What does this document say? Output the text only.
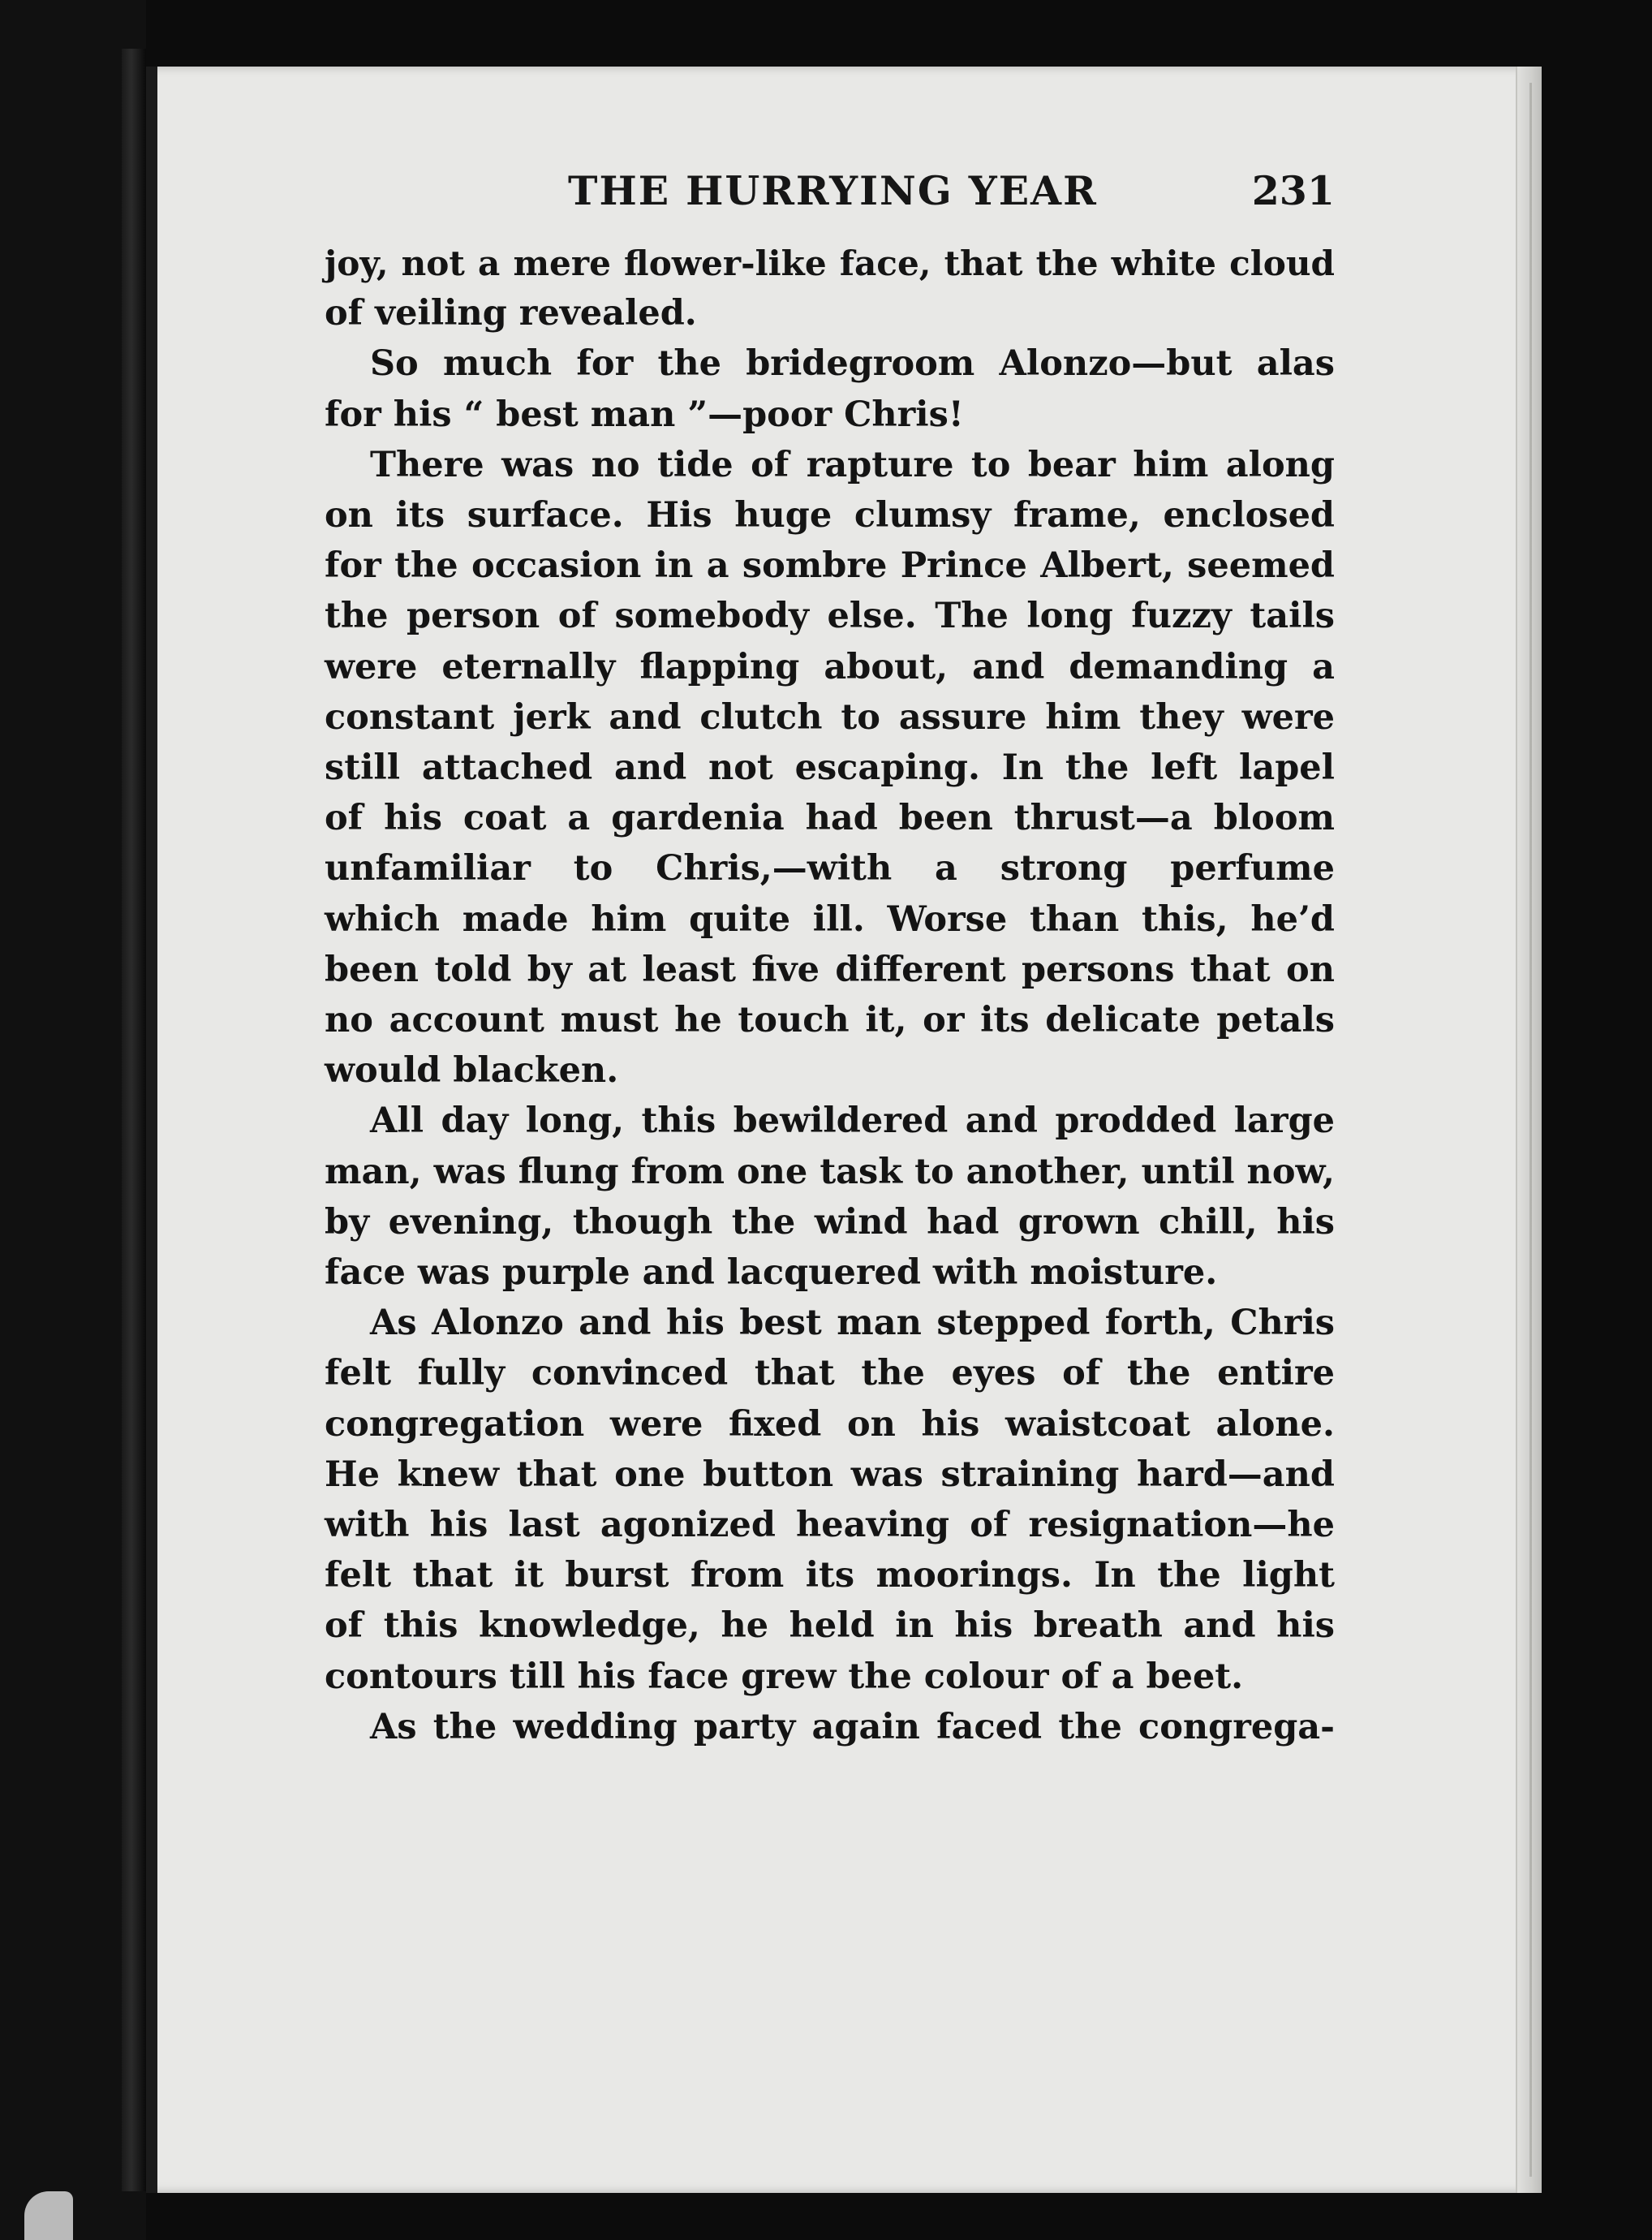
THE HURRYING YEAR	231

joy, not a mere flower-like face, that the white cloud
of veiling revealed.

So much for the bridegroom Alonzo—but alas
for his “ best man ”—poor Chris!

There was no tide of rapture to bear him along
on its surface. His huge clumsy frame, enclosed
for the occasion in a sombre Prince Albert, seemed
the person of somebody else. The long fuzzy tails
were eternally flapping about, and demanding a
constant jerk and clutch to assure him they were
still attached and not escaping. In the left lapel
of his coat a gardenia had been thrust—a bloom
unfamiliar to Chris,—with a strong perfume
which made him quite ill. Worse than this, he’d
been told by at least five different persons that on
no account must he touch it, or its delicate petals
would blacken.

All day long, this bewildered and prodded large
man, was flung from one task to another, until now,
by evening, though the wind had grown chill, his
face was purple and lacquered with moisture.

As Alonzo and his best man stepped forth, Chris
felt fully convinced that the eyes of the entire
congregation were fixed on his waistcoat alone.
He knew that one button was straining hard—and
with his last agonized heaving of resignation—he
felt that it burst from its moorings. In the light
of this knowledge, he held in his breath and his
contours till his face grew the colour of a beet.

As the wedding party again faced the congrega-
